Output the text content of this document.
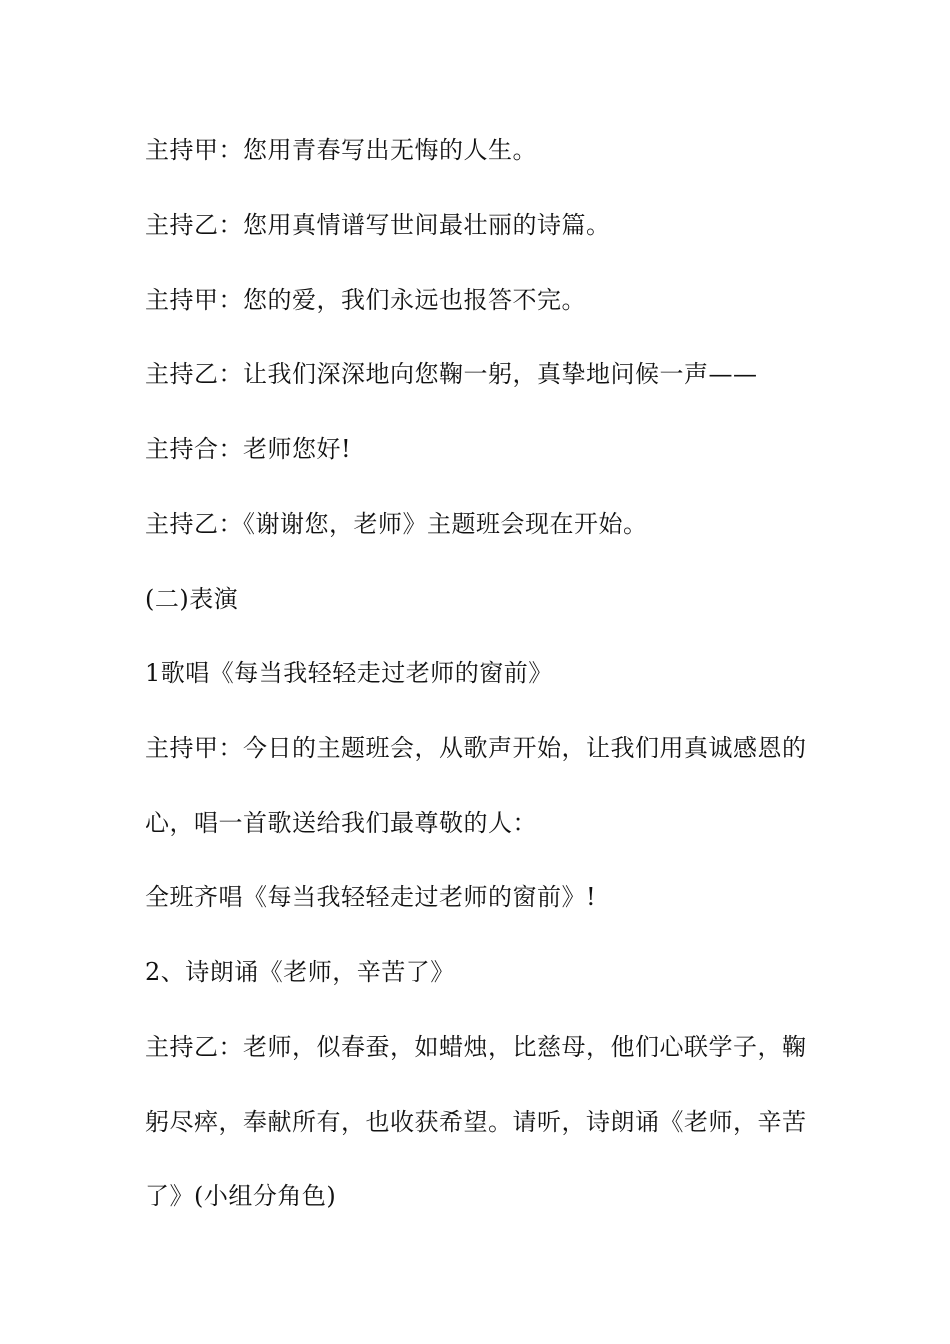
主持甲：您用青春写出无悔的人生。
主持乙：您用真情谱写世间最壮丽的诗篇。
主持甲：您的爱，我们永远也报答不完。
主持乙：让我们深深地向您鞠一躬，真挚地问候一声——
主持合：老师您好!
主持乙：《谢谢您，老师》主题班会现在开始。
(二)表演
1歌唱《每当我轻轻走过老师的窗前》
主持甲：今日的主题班会，从歌声开始，让我们用真诚感恩的
心，唱一首歌送给我们最尊敬的人：
全班齐唱《每当我轻轻走过老师的窗前》!
2、诗朗诵《老师，辛苦了》
主持乙：老师，似春蚕，如蜡烛，比慈母，他们心联学子，鞠
躬尽瘁，奉献所有，也收获希望。请听，诗朗诵《老师，辛苦
了》(小组分角色)
